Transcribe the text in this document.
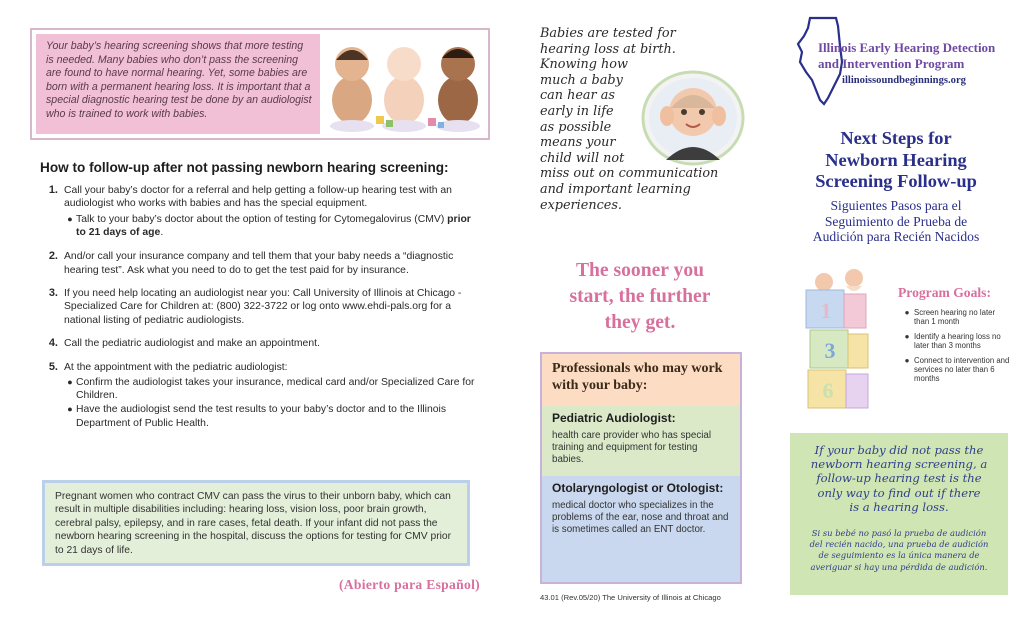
Your baby’s hearing screening shows that more testing is needed. Many babies who don’t pass the screening are found to have normal hearing. Yet, some babies are born with a permanent hearing loss. It is important that a special diagnostic hearing test be done by an audiologist who is trained to work with babies.
How to follow-up after not passing newborn hearing screening:
1. Call your baby’s doctor for a referral and help getting a follow-up hearing test with an audiologist who works with babies and has the special equipment.
● Talk to your baby’s doctor about the option of testing for Cytomegalovirus (CMV) prior to 21 days of age.
2. And/or call your insurance company and tell them that your baby needs a “diagnostic hearing test”. Ask what you need to do to get the test paid for by insurance.
3. If you need help locating an audiologist near you: Call University of Illinois at Chicago - Specialized Care for Children at: (800) 322-3722 or log onto www.ehdi-pals.org for a national listing of pediatric audiologists.
4. Call the pediatric audiologist and make an appointment.
5. At the appointment with the pediatric audiologist:
● Confirm the audiologist takes your insurance, medical card and/or Specialized Care for Children.
● Have the audiologist send the test results to your baby’s doctor and to the Illinois Department of Public Health.
Pregnant women who contract CMV can pass the virus to their unborn baby, which can result in multiple disabilities including: hearing loss, vision loss, poor brain growth, cerebral palsy, epilepsy, and in rare cases, fetal death. If your infant did not pass the newborn hearing screening in the hospital, discuss the options for testing for CMV prior to 21 days of life.
(Abierto para Español)
Babies are tested for
hearing loss at birth.
Knowing how
much a baby
can hear as
early in life
as possible
means your
child will not
miss out on communication
and important learning
experiences.
The sooner you
start, the further
they get.
Professionals who may work with your baby:
Pediatric Audiologist:
health care provider who has special training and equipment for testing babies.
Otolaryngologist or Otologist:
medical doctor who specializes in the problems of the ear, nose and throat and is sometimes called an ENT doctor.
43.01 (Rev.05/20) The University of Illinois at Chicago
Illinois Early Hearing Detection
and Intervention Program
illinoissoundbeginnings.org
Next Steps for
Newborn Hearing
Screening Follow-up
Siguientes Pasos para el
Seguimiento de Prueba de
Audición para Recién Nacidos
1
3
6
Program Goals:
● Screen hearing no later than 1 month
● Identify a hearing loss no later than 3 months
● Connect to intervention and services no later than 6 months
If your baby did not pass the
newborn hearing screening, a
follow-up hearing test is the
only way to find out if there
is a hearing loss.
Si su bebé no pasó la prueba de audición
del recién nacido, una prueba de audición
de seguimiento es la única manera de
averiguar si hay una pérdida de audición.
